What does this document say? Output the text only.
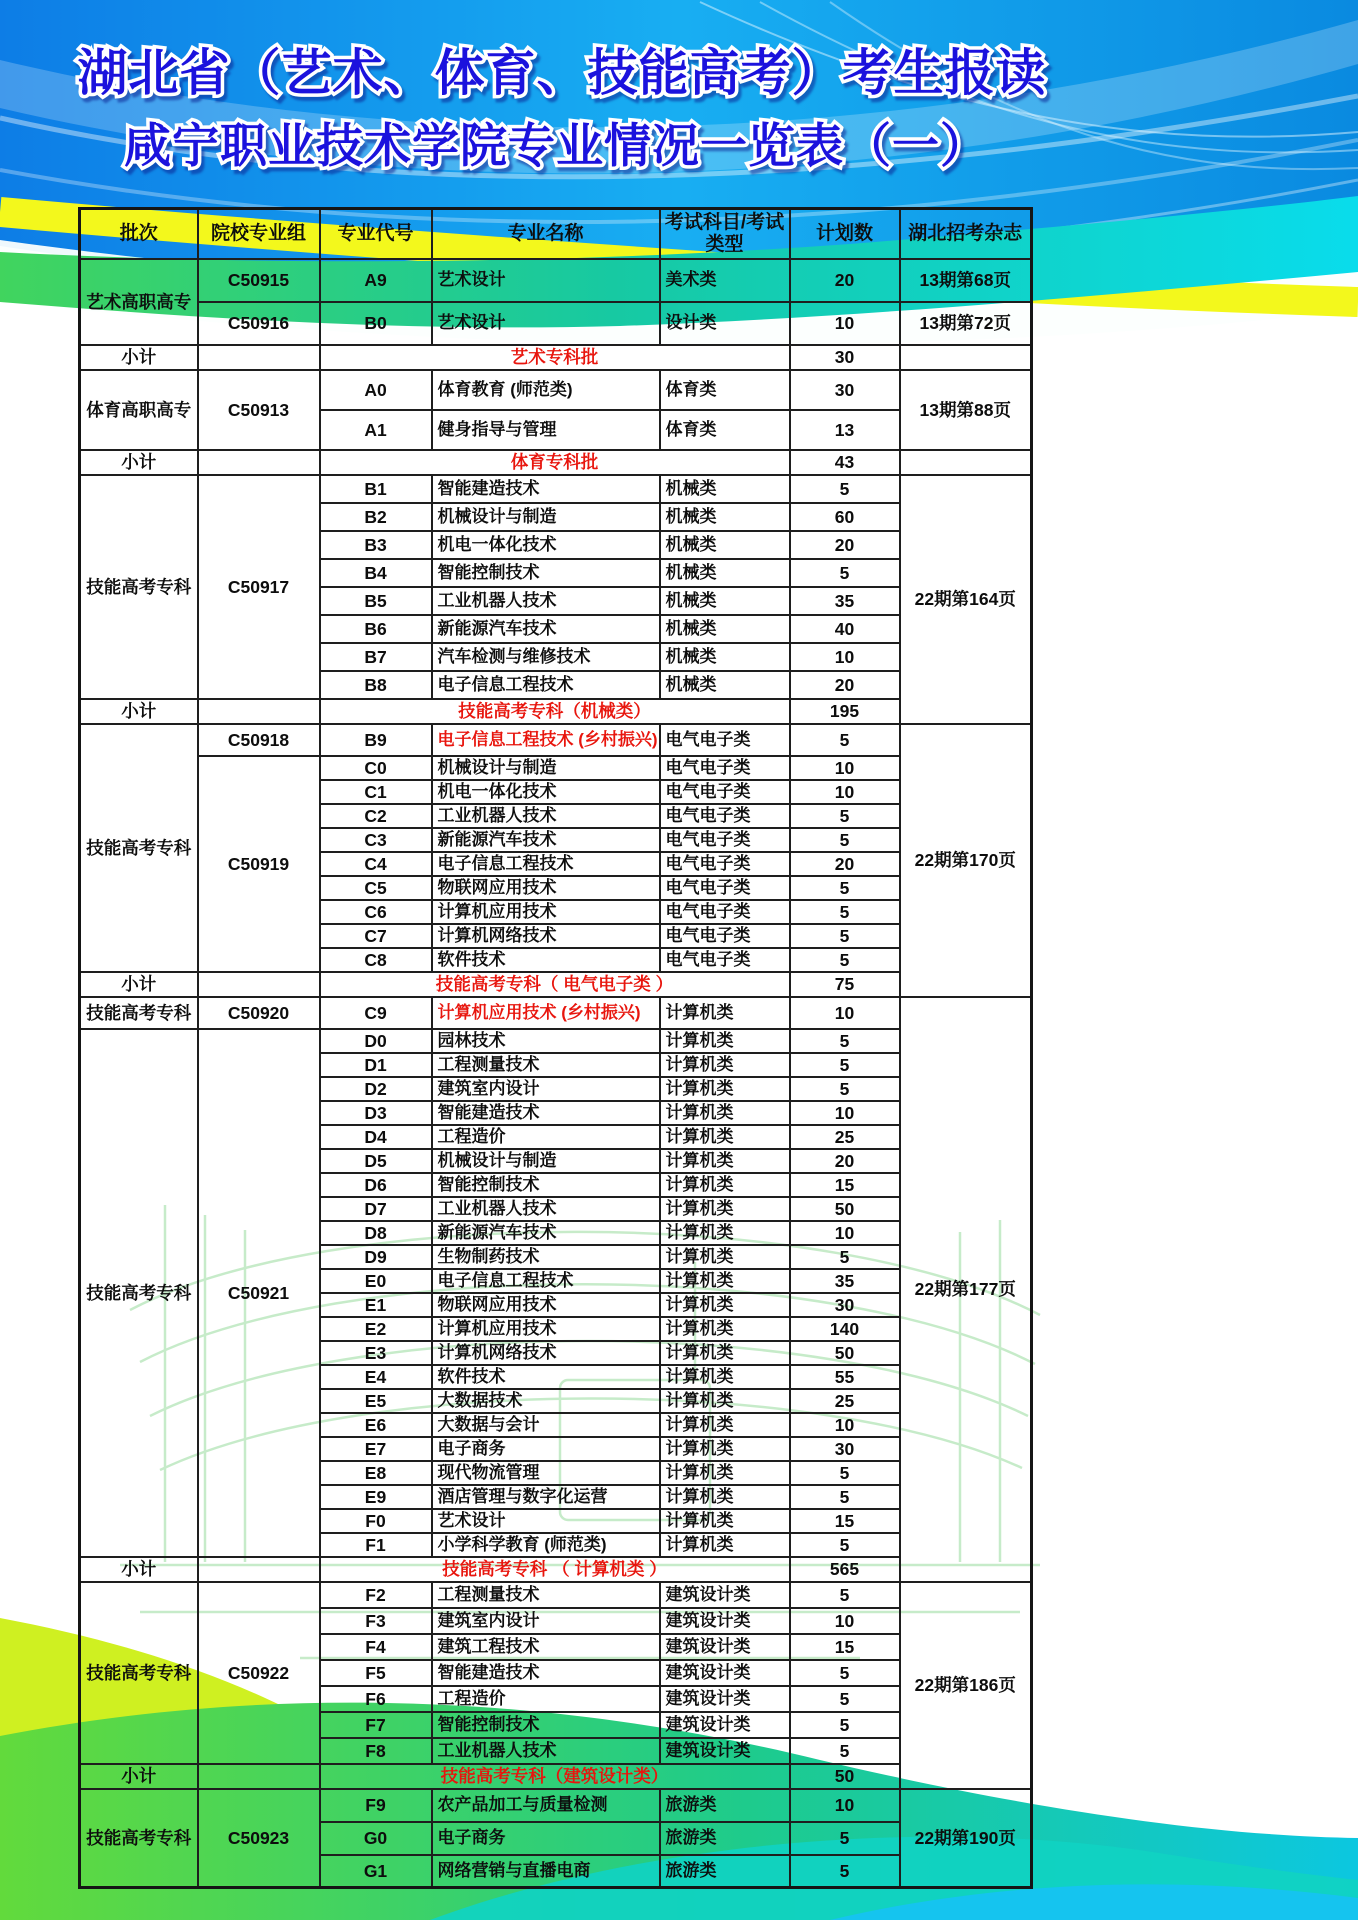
湖北省（艺术、体育、技能高考）考生报读
咸宁职业技术学院专业情况一览表（一）
批次	院校专业组	专业代号	专业名称	考试科目/考试类型	计划数	湖北招考杂志
艺术高职高专	C50915	A9	艺术设计	美术类	20	13期第68页
	C50916	B0	艺术设计	设计类	10	13期第72页
小计		艺术专科批			30	
体育高职高专	C50913	A0	体育教育 (师范类)	体育类	30	13期第88页
		A1	健身指导与管理	体育类	13	
小计		体育专科批			43	
技能高考专科	C50917	B1	智能建造技术	机械类	5	22期第164页
		B2	机械设计与制造	机械类	60	
		B3	机电一体化技术	机械类	20	
		B4	智能控制技术	机械类	5	
		B5	工业机器人技术	机械类	35	
		B6	新能源汽车技术	机械类	40	
		B7	汽车检测与维修技术	机械类	10	
		B8	电子信息工程技术	机械类	20	
小计		技能高考专科（机械类）			195	
技能高考专科	C50918	B9	电子信息工程技术 (乡村振兴)	电气电子类	5	22期第170页
	C50919	C0	机械设计与制造	电气电子类	10	
		C1	机电一体化技术	电气电子类	10	
		C2	工业机器人技术	电气电子类	5	
		C3	新能源汽车技术	电气电子类	5	
		C4	电子信息工程技术	电气电子类	20	
		C5	物联网应用技术	电气电子类	5	
		C6	计算机应用技术	电气电子类	5	
		C7	计算机网络技术	电气电子类	5	
		C8	软件技术	电气电子类	5	
小计		技能高考专科（ 电气电子类 ）			75	
技能高考专科	C50920	C9	计算机应用技术 (乡村振兴)	计算机类	10	22期第177页
技能高考专科	C50921	D0	园林技术	计算机类	5	
		D1	工程测量技术	计算机类	5	
		D2	建筑室内设计	计算机类	5	
		D3	智能建造技术	计算机类	10	
		D4	工程造价	计算机类	25	
		D5	机械设计与制造	计算机类	20	
		D6	智能控制技术	计算机类	15	
		D7	工业机器人技术	计算机类	50	
		D8	新能源汽车技术	计算机类	10	
		D9	生物制药技术	计算机类	5	
		E0	电子信息工程技术	计算机类	35	
		E1	物联网应用技术	计算机类	30	
		E2	计算机应用技术	计算机类	140	
		E3	计算机网络技术	计算机类	50	
		E4	软件技术	计算机类	55	
		E5	大数据技术	计算机类	25	
		E6	大数据与会计	计算机类	10	
		E7	电子商务	计算机类	30	
		E8	现代物流管理	计算机类	5	
		E9	酒店管理与数字化运营	计算机类	5	
		F0	艺术设计	计算机类	15	
		F1	小学科学教育 (师范类)	计算机类	5	
小计		技能高考专科 （ 计算机类 ）			565	
技能高考专科	C50922	F2	工程测量技术	建筑设计类	5	22期第186页
		F3	建筑室内设计	建筑设计类	10	
		F4	建筑工程技术	建筑设计类	15	
		F5	智能建造技术	建筑设计类	5	
		F6	工程造价	建筑设计类	5	
		F7	智能控制技术	建筑设计类	5	
		F8	工业机器人技术	建筑设计类	5	
小计		技能高考专科（建筑设计类）			50	
技能高考专科	C50923	F9	农产品加工与质量检测	旅游类	10	22期第190页
		G0	电子商务	旅游类	5	
		G1	网络营销与直播电商	旅游类	5	
